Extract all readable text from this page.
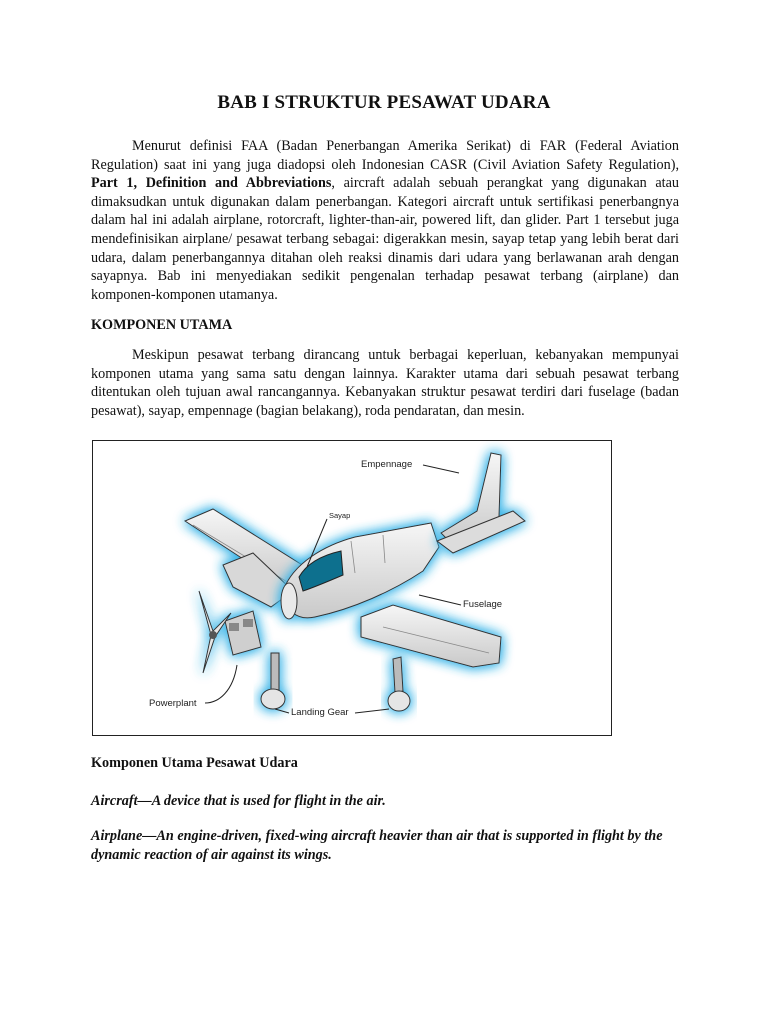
BAB I STRUKTUR PESAWAT UDARA

Menurut definisi FAA (Badan Penerbangan Amerika Serikat) di FAR (Federal Aviation Regulation) saat ini yang juga diadopsi oleh Indonesian CASR (Civil Aviation Safety Regulation), Part 1, Definition and Abbreviations, aircraft adalah sebuah perangkat yang digunakan atau dimaksudkan untuk digunakan dalam penerbangan. Kategori aircraft untuk sertifikasi penerbangnya dalam hal ini adalah airplane, rotorcraft, lighter-than-air, powered lift, dan glider. Part 1 tersebut juga mendefinisikan airplane/ pesawat terbang sebagai: digerakkan mesin, sayap tetap yang lebih berat dari udara, dalam penerbangannya ditahan oleh reaksi dinamis dari udara yang berlawanan arah dengan sayapnya. Bab ini menyediakan sedikit pengenalan terhadap pesawat terbang (airplane) dan komponen-komponen utamanya.

KOMPONEN UTAMA

Meskipun pesawat terbang dirancang untuk berbagai keperluan, kebanyakan mempunyai komponen utama yang sama satu dengan lainnya. Karakter utama dari sebuah pesawat terbang ditentukan oleh tujuan awal rancangannya. Kebanyakan struktur pesawat terdiri dari fuselage (badan pesawat), sayap, empennage (bagian belakang), roda pendaratan, dan mesin.

Empennage
Sayap
Fuselage
Powerplant
Landing Gear

Komponen Utama Pesawat Udara

Aircraft—A device that is used for flight in the air.

Airplane—An engine-driven, fixed-wing aircraft heavier than air that is supported in flight by the dynamic reaction of air against its wings.
